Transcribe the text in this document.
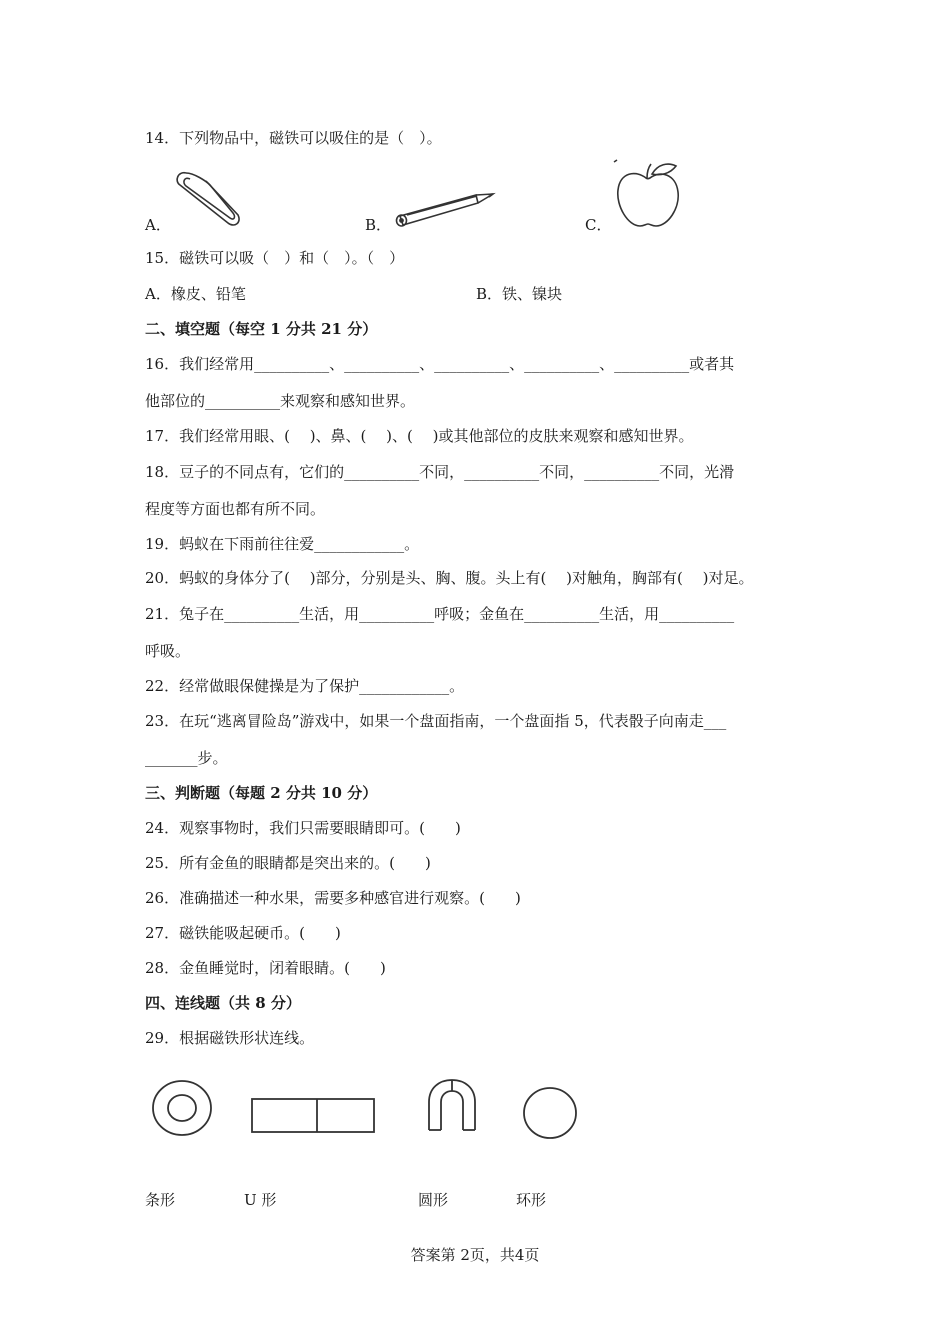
14．下列物品中，磁铁可以吸住的是（　）。
A．	B．	C．
15．磁铁可以吸（　）和（　）。（　）
A．橡皮、铅笔	B．铁、镍块
二、填空题（每空 1 分共 21 分）
16．我们经常用__________、__________、__________、__________、__________或者其
他部位的__________来观察和感知世界。
17．我们经常用眼、(　 )、鼻、(　 )、(　 )或其他部位的皮肤来观察和感知世界。
18．豆子的不同点有，它们的__________不同，__________不同，__________不同，光滑
程度等方面也都有所不同。
19．蚂蚁在下雨前往往爱____________。
20．蚂蚁的身体分了(　 )部分，分别是头、胸、腹。头上有(　 )对触角，胸部有(　 )对足。
21．兔子在__________生活，用__________呼吸；金鱼在__________生活，用__________
呼吸。
22．经常做眼保健操是为了保护____________。
23．在玩“逃离冒险岛”游戏中，如果一个盘面指南，一个盘面指 5，代表骰子向南走___
_______步。
三、判断题（每题 2 分共 10 分）
24．观察事物时，我们只需要眼睛即可。(　　)
25．所有金鱼的眼睛都是突出来的。(　　)
26．准确描述一种水果，需要多种感官进行观察。(　　)
27．磁铁能吸起硬币。(　　)
28．金鱼睡觉时，闭着眼睛。(　　)
四、连线题（共 8 分）
29．根据磁铁形状连线。
条形	U 形	圆形	环形
答案第 2页，共4页
